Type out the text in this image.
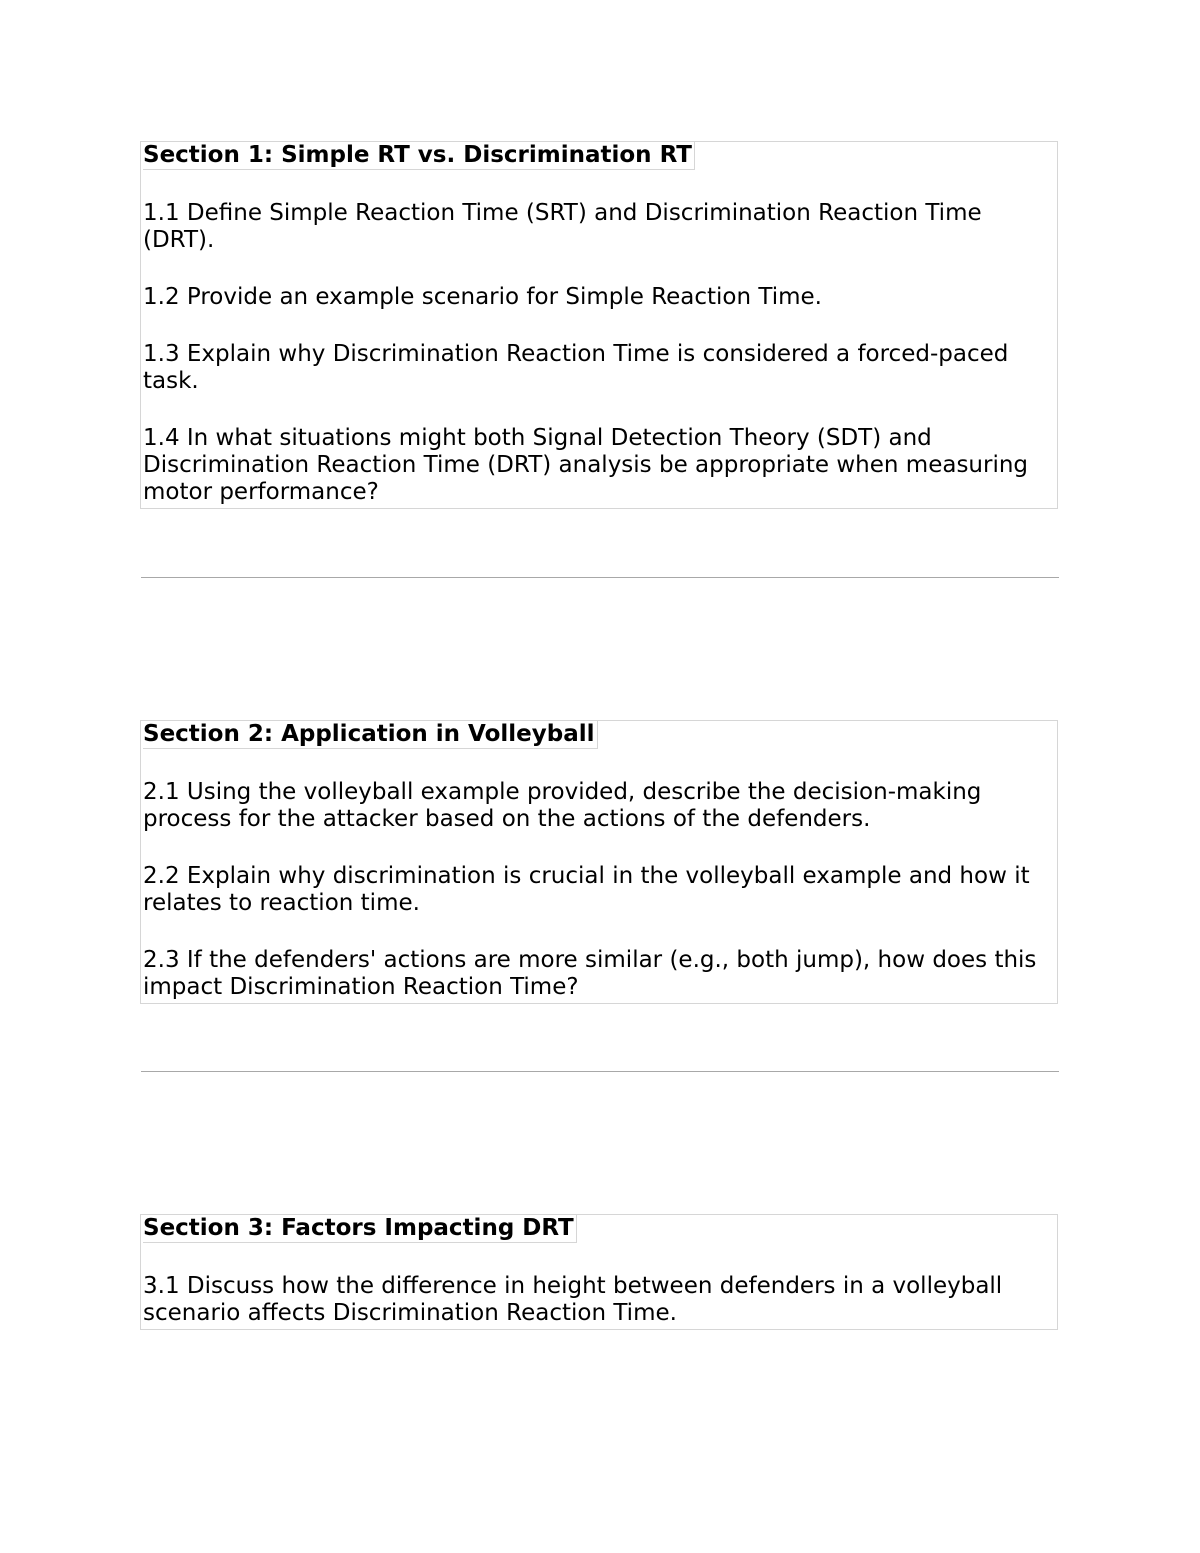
Section 1: Simple RT vs. Discrimination RT

1.1 Define Simple Reaction Time (SRT) and Discrimination Reaction Time (DRT).

1.2 Provide an example scenario for Simple Reaction Time.

1.3 Explain why Discrimination Reaction Time is considered a forced-paced task.

1.4 In what situations might both Signal Detection Theory (SDT) and Discrimination Reaction Time (DRT) analysis be appropriate when measuring motor performance?

Section 2: Application in Volleyball

2.1 Using the volleyball example provided, describe the decision-making process for the attacker based on the actions of the defenders.

2.2 Explain why discrimination is crucial in the volleyball example and how it relates to reaction time.

2.3 If the defenders' actions are more similar (e.g., both jump), how does this impact Discrimination Reaction Time?

Section 3: Factors Impacting DRT

3.1 Discuss how the difference in height between defenders in a volleyball scenario affects Discrimination Reaction Time.
